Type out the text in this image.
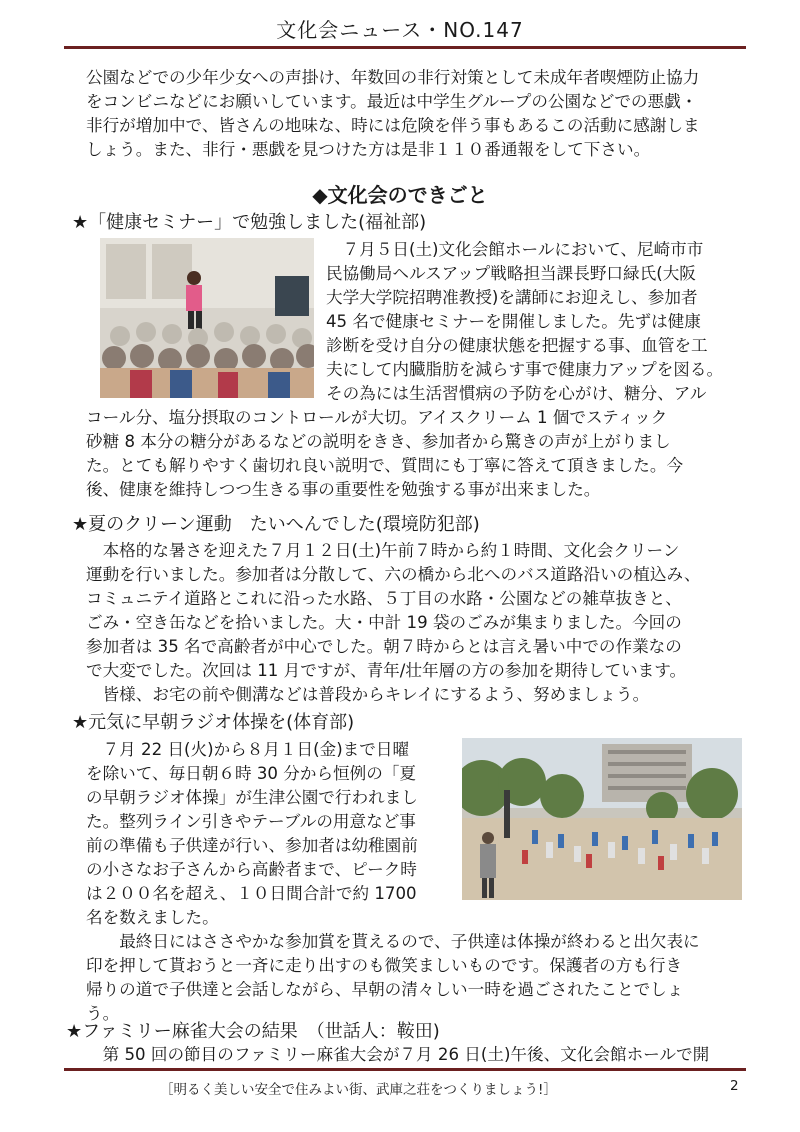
文化会ニュース・NO.147
公園などでの少年少女への声掛け、年数回の非行対策として未成年者喫煙防止協力
をコンビニなどにお願いしています。最近は中学生グループの公園などでの悪戯・
非行が増加中で、皆さんの地味な、時には危険を伴う事もあるこの活動に感謝しま
しょう。また、非行・悪戯を見つけた方は是非１１０番通報をして下さい。
◆文化会のできごと
★「健康セミナー」で勉強しました(福祉部)
７月５日(土)文化会館ホールにおいて、尼崎市市
民協働局ヘルスアップ戦略担当課長野口緑氏(大阪
大学大学院招聘准教授)を講師にお迎えし、参加者
45 名で健康セミナーを開催しました。先ずは健康
診断を受け自分の健康状態を把握する事、血管を工
夫にして内臓脂肪を減らす事で健康力アップを図る。
その為には生活習慣病の予防を心がけ、糖分、アル
コール分、塩分摂取のコントロールが大切。アイスクリーム 1 個でスティック
砂糖 8 本分の糖分があるなどの説明をきき、参加者から驚きの声が上がりまし
た。とても解りやすく歯切れ良い説明で、質問にも丁寧に答えて頂きました。今
後、健康を維持しつつ生きる事の重要性を勉強する事が出来ました。
★夏のクリーン運動　たいへんでした(環境防犯部)
本格的な暑さを迎えた７月１２日(土)午前７時から約１時間、文化会クリーン
運動を行いました。参加者は分散して、六の橋から北へのバス道路沿いの植込み、
コミュニテイ道路とこれに沿った水路、５丁目の水路・公園などの雑草抜きと、
ごみ・空き缶などを拾いました。大・中計 19 袋のごみが集まりました。今回の
参加者は 35 名で高齢者が中心でした。朝７時からとは言え暑い中での作業なの
で大変でした。次回は 11 月ですが、青年/壮年層の方の参加を期待しています。
皆様、お宅の前や側溝などは普段からキレイにするよう、努めましょう。
★元気に早朝ラジオ体操を(体育部)
７月 22 日(火)から８月１日(金)まで日曜
を除いて、毎日朝６時 30 分から恒例の「夏
の早朝ラジオ体操」が生津公園で行われまし
た。整列ライン引きやテーブルの用意など事
前の準備も子供達が行い、参加者は幼稚園前
の小さなお子さんから高齢者まで、ピーク時
は２００名を超え、１０日間合計で約 1700
名を数えました。
最終日にはささやかな参加賞を貰えるので、子供達は体操が終わると出欠表に
印を押して貰おうと一斉に走り出すのも微笑ましいものです。保護者の方も行き
帰りの道で子供達と会話しながら、早朝の清々しい一時を過ごされたことでしょ
う。
★ファミリー麻雀大会の結果　（世話人：鞍田)
第 50 回の節目のファミリー麻雀大会が７月 26 日(土)午後、文化会館ホールで開
［明るく美しい安全で住みよい街、武庫之荘をつくりましょう!］	2
